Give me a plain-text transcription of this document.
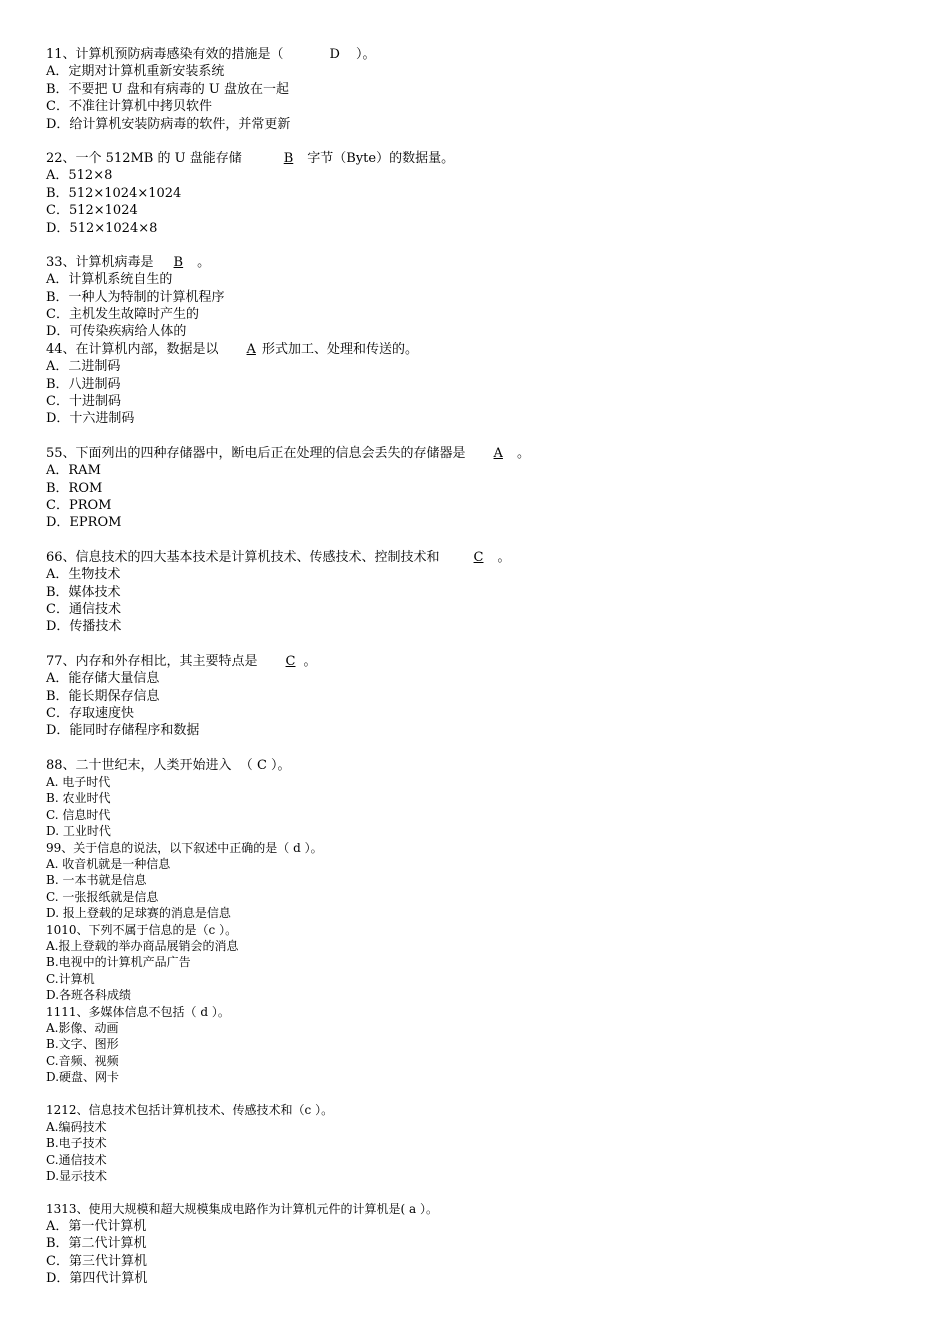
11、计算机预防病毒感染有效的措施是（	D ）。
A．定期对计算机重新安装系统
B．不要把 U 盘和有病毒的 U 盘放在一起
C．不准往计算机中拷贝软件
D．给计算机安装防病毒的软件，并常更新
22、一个 512MB 的 U 盘能存储	B 字节（Byte）的数据量。
A．512×8
B．512×1024×1024
C．512×1024
D．512×1024×8
33、计算机病毒是 B 。
A．计算机系统自生的
B．一种人为特制的计算机程序
C．主机发生故障时产生的
D．可传染疾病给人体的
44、在计算机内部，数据是以 A 形式加工、处理和传送的。
A．二进制码
B．八进制码
C．十进制码
D．十六进制码
55、下面列出的四种存储器中，断电后正在处理的信息会丢失的存储器是 A 。
A．RAM
B．ROM
C．PROM
D．EPROM
66、信息技术的四大基本技术是计算机技术、传感技术、控制技术和	C 。
A．生物技术
B．媒体技术
C．通信技术
D．传播技术
77、内存和外存相比，其主要特点是 C 。
A．能存储大量信息
B．能长期保存信息
C．存取速度快
D．能同时存储程序和数据
88、二十世纪末，人类开始进入  （ C ）。
A. 电子时代
B. 农业时代
C. 信息时代
D. 工业时代
99、关于信息的说法，以下叙述中正确的是（ d ）。
A. 收音机就是一种信息
B. 一本书就是信息
C. 一张报纸就是信息
D. 报上登载的足球赛的消息是信息
1010、下列不属于信息的是（c ）。
A.报上登载的举办商品展销会的消息
B.电视中的计算机产品广告
C.计算机
D.各班各科成绩
1111、多媒体信息不包括（ d ）。
A.影像、动画
B.文字、图形
C.音频、视频
D.硬盘、网卡
1212、信息技术包括计算机技术、传感技术和（c ）。
A.编码技术
B.电子技术
C.通信技术
D.显示技术
1313、使用大规模和超大规模集成电路作为计算机元件的计算机是( a ）。
A．第一代计算机
B．第二代计算机
C．第三代计算机
D．第四代计算机
